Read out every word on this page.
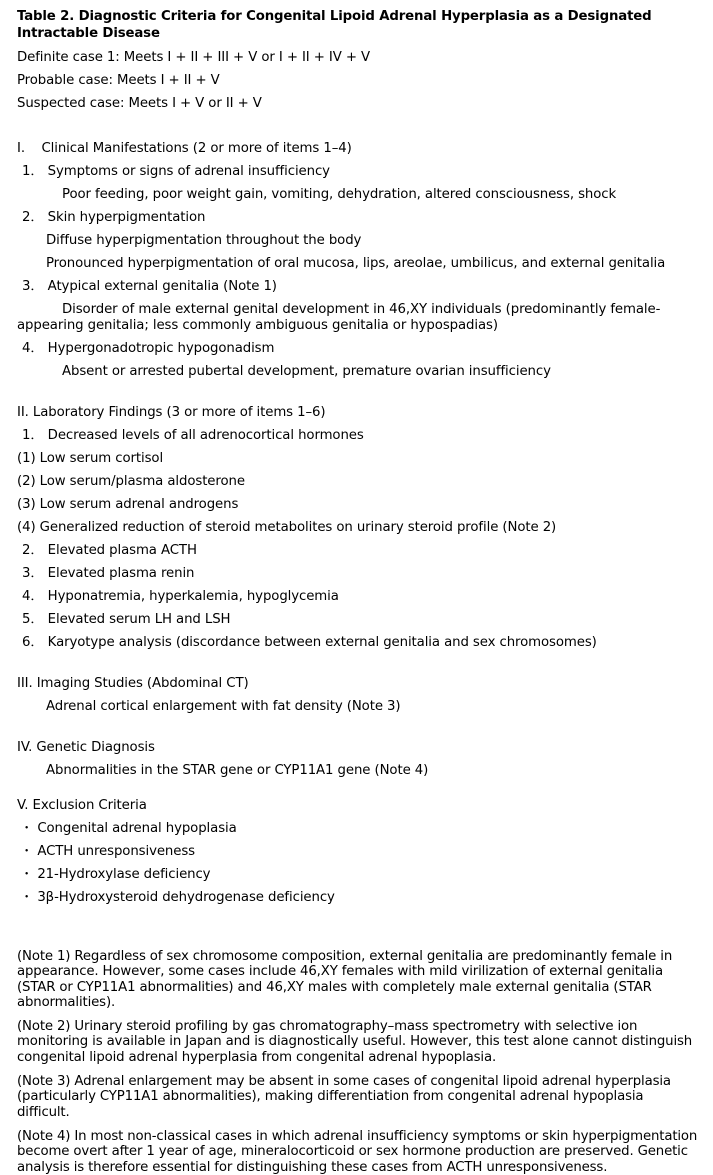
Table 2. Diagnostic Criteria for Congenital Lipoid Adrenal Hyperplasia as a Designated Intractable Disease
Definite case 1: Meets I + II + III + V or I + II + IV + V
Probable case: Meets I + II + V
Suspected case: Meets I + V or II + V
I.    Clinical Manifestations (2 or more of items 1–4)
1． Symptoms or signs of adrenal insufficiency
Poor feeding, poor weight gain, vomiting, dehydration, altered consciousness, shock
2． Skin hyperpigmentation
Diffuse hyperpigmentation throughout the body
Pronounced hyperpigmentation of oral mucosa, lips, areolae, umbilicus, and external genitalia
3． Atypical external genitalia (Note 1)
Disorder of male external genital development in 46,XY individuals (predominantly female-appearing genitalia; less commonly ambiguous genitalia or hypospadias)
4． Hypergonadotropic hypogonadism
Absent or arrested pubertal development, premature ovarian insufficiency
II. Laboratory Findings (3 or more of items 1–6)
1． Decreased levels of all adrenocortical hormones
(1) Low serum cortisol
(2) Low serum/plasma aldosterone
(3) Low serum adrenal androgens
(4) Generalized reduction of steroid metabolites on urinary steroid profile (Note 2)
2． Elevated plasma ACTH
3． Elevated plasma renin
4． Hyponatremia, hyperkalemia, hypoglycemia
5． Elevated serum LH and LSH
6． Karyotype analysis (discordance between external genitalia and sex chromosomes)
III. Imaging Studies (Abdominal CT)
Adrenal cortical enlargement with fat density (Note 3)
IV. Genetic Diagnosis
Abnormalities in the STAR gene or CYP11A1 gene (Note 4)
V. Exclusion Criteria
・ Congenital adrenal hypoplasia
・ ACTH unresponsiveness
・ 21-Hydroxylase deficiency
・ 3β-Hydroxysteroid dehydrogenase deficiency
(Note 1) Regardless of sex chromosome composition, external genitalia are predominantly female in appearance. However, some cases include 46,XY females with mild virilization of external genitalia (STAR or CYP11A1 abnormalities) and 46,XY males with completely male external genitalia (STAR abnormalities).
(Note 2) Urinary steroid profiling by gas chromatography–mass spectrometry with selective ion monitoring is available in Japan and is diagnostically useful. However, this test alone cannot distinguish congenital lipoid adrenal hyperplasia from congenital adrenal hypoplasia.
(Note 3) Adrenal enlargement may be absent in some cases of congenital lipoid adrenal hyperplasia (particularly CYP11A1 abnormalities), making differentiation from congenital adrenal hypoplasia difficult.
(Note 4) In most non-classical cases in which adrenal insufficiency symptoms or skin hyperpigmentation become overt after 1 year of age, mineralocorticoid or sex hormone production are preserved. Genetic analysis is therefore essential for distinguishing these cases from ACTH unresponsiveness.
